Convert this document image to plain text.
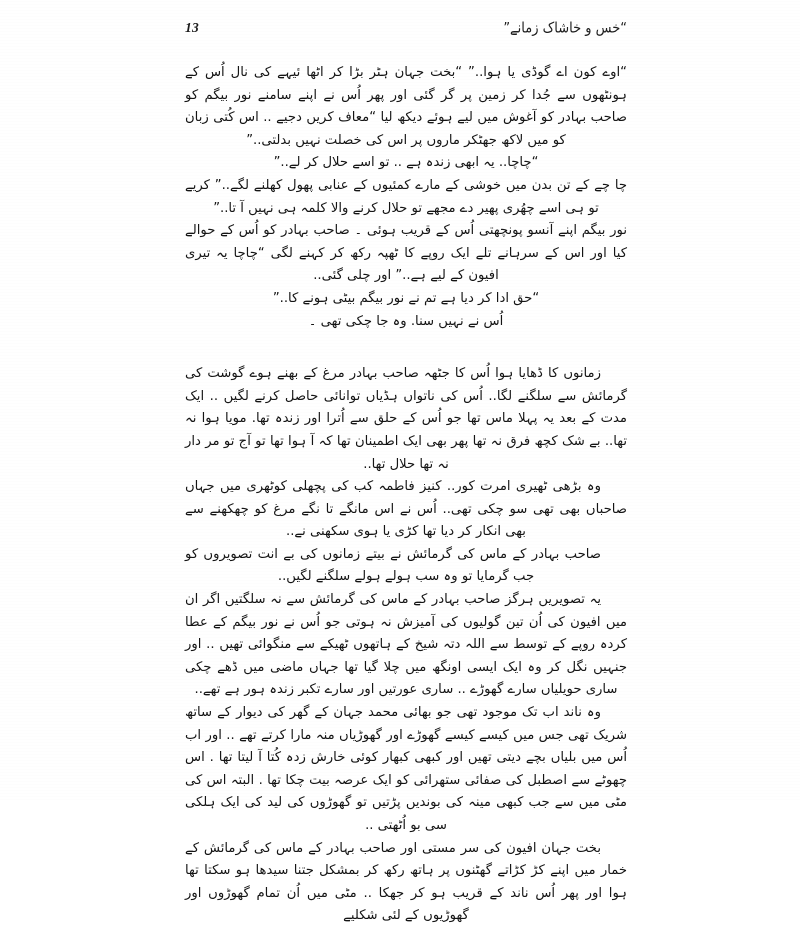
13	“خس و خاشاک زمانے”

“اوے کون اے گوڈی یا ہوا..” “بخت جہان ہٹر بڑا کر اٹھا ئیہے کی نال اُس کے ہونٹھوں سے جُدا کر زمین پر گر گئی اور پھر اُس نے اپنے سامنے نور بیگم کو صاحب بہادر کو آغوش میں لیے ہوئے دیکھ لیا “معاف کریں دجیے .. اس کُتی زبان کو میں لاکھ جھٹکر ماروں پر اس کی خصلت نہیں بدلتی..”

“چاچا.. یہ ابھی زندہ ہے .. تو اسے حلال کر لے..”

چا چے کے تن بدن میں خوشی کے مارے کمئیوں کے عنابی پھول کھلنے لگے..” کریے تو ہی اسے چھُری پھیر دے مجھے تو حلال کرنے والا کلمہ ہی نہیں آ تا..”

نور بیگم اپنے آنسو پونچھتی اُس کے قریب ہوئی ۔ صاحب بہادر کو اُس کے حوالے کیا اور اس کے سرہانے تلے ایک روپے کا ٹھپہ رکھ کر کہنے لگی “چاچا یہ تیری افیون کے لیے ہے..” اور چلی گئی..

“حق ادا کر دیا ہے تم نے نور بیگم بیٹی ہونے کا..”

اُس نے نہیں سنا. وہ جا چکی تھی ۔

زمانوں کا ڈھایا ہوا اُس کا جٹھہ صاحب بہادر مرغ کے بھنے ہوے گوشت کی گرمائش سے سلگنے لگا.. اُس کی ناتواں ہڈیاں توانائی حاصل کرنے لگیں .. ایک مدت کے بعد یہ پہلا ماس تھا جو اُس کے حلق سے اُترا اور زندہ تھا. مویا ہوا نہ تھا.. بے شک کچھ فرق نہ تھا پھر بھی ایک اطمینان تھا کہ آ ہوا تھا تو آج تو مر دار نہ تھا حلال تھا..

وہ بڑھی ٹھیری امرت کور.. کنیز فاطمہ کب کی پچھلی کوٹھری میں جہاں صاحباں بھی تھی سو چکی تھی.. اُس نے اس مانگے تا نگے مرغ کو چھکھنے سے بھی انکار کر دیا تھا کڑی یا ہوی سکھنی نے..

صاحب بہادر کے ماس کی گرمائش نے بیتے زمانوں کی بے انت تصویروں کو جب گرمایا تو وہ سب ہولے ہولے سلگنے لگیں..

یہ تصویریں ہرگز صاحب بہادر کے ماس کی گرمائش سے نہ سلگتیں اگر ان میں افیون کی اُن تین گولیوں کی آمیزش نہ ہوتی جو اُس نے نور بیگم کے عطا کردہ روپے کے توسط سے اللہ دتہ شیخ کے ہاتھوں ٹھیکے سے منگوائی تھیں .. اور جنہیں نگل کر وہ ایک ایسی اونگھ میں چلا گیا تھا جہاں ماضی میں ڈھے چکی ساری حویلیاں سارے گھوڑے .. ساری عورتیں اور سارے تکبر زندہ ہور ہے تھے..

وہ ناند اب تک موجود تھی جو بھائی محمد جہان کے گھر کی دیوار کے ساتھ شریک تھی جس میں کیسے کیسے گھوڑے اور گھوڑیاں منہ مارا کرتے تھے .. اور اب اُس میں بلیاں بچے دیتی تھیں اور کبھی کبھار کوئی خارش زدہ کُتا آ لیتا تھا . اس چھوٹے سے اصطبل کی صفائی ستھرائی کو ایک عرصہ بیت چکا تھا . البتہ اس کی مٹی میں سے جب کبھی مینہ کی بوندیں پڑتیں تو گھوڑوں کی لید کی ایک ہلکی سی بو اُٹھتی ..

بخت جہان افیون کی سر مستی اور صاحب بہادر کے ماس کی گرمائش کے خمار میں اپنے کڑ کڑاتے گھٹنوں پر ہاتھ رکھ کر بمشکل جتنا سیدھا ہو سکتا تھا ہوا اور پھر اُس ناند کے قریب ہو کر جھکا .. مٹی میں اُن تمام گھوڑوں اور گھوڑیوں کے لئی شکلیے
